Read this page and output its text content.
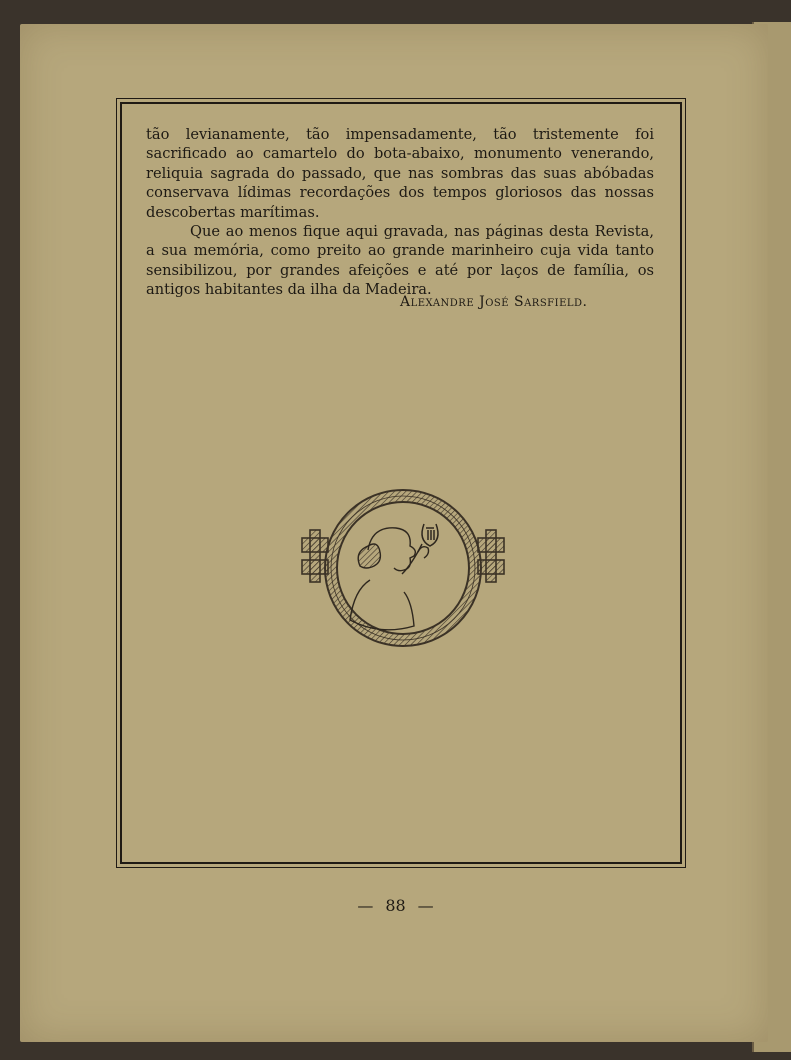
tão levianamente, tão impensadamente, tão tristemente foi sacrificado ao camartelo do bota-abaixo, monumento venerando, reliquia sagrada do passado, que nas sombras das suas abóbadas conservava lídimas recordações dos tempos gloriosos das nossas descobertas marítimas.

Que ao menos fique aqui gravada, nas páginas desta Revista, a sua memória, como preito ao grande marinheiro cuja vida tanto sensibilizou, por grandes afeições e até por laços de família, os antigos habitantes da ilha da Madeira.

Alexandre José Sarsfield.
— 88 —
